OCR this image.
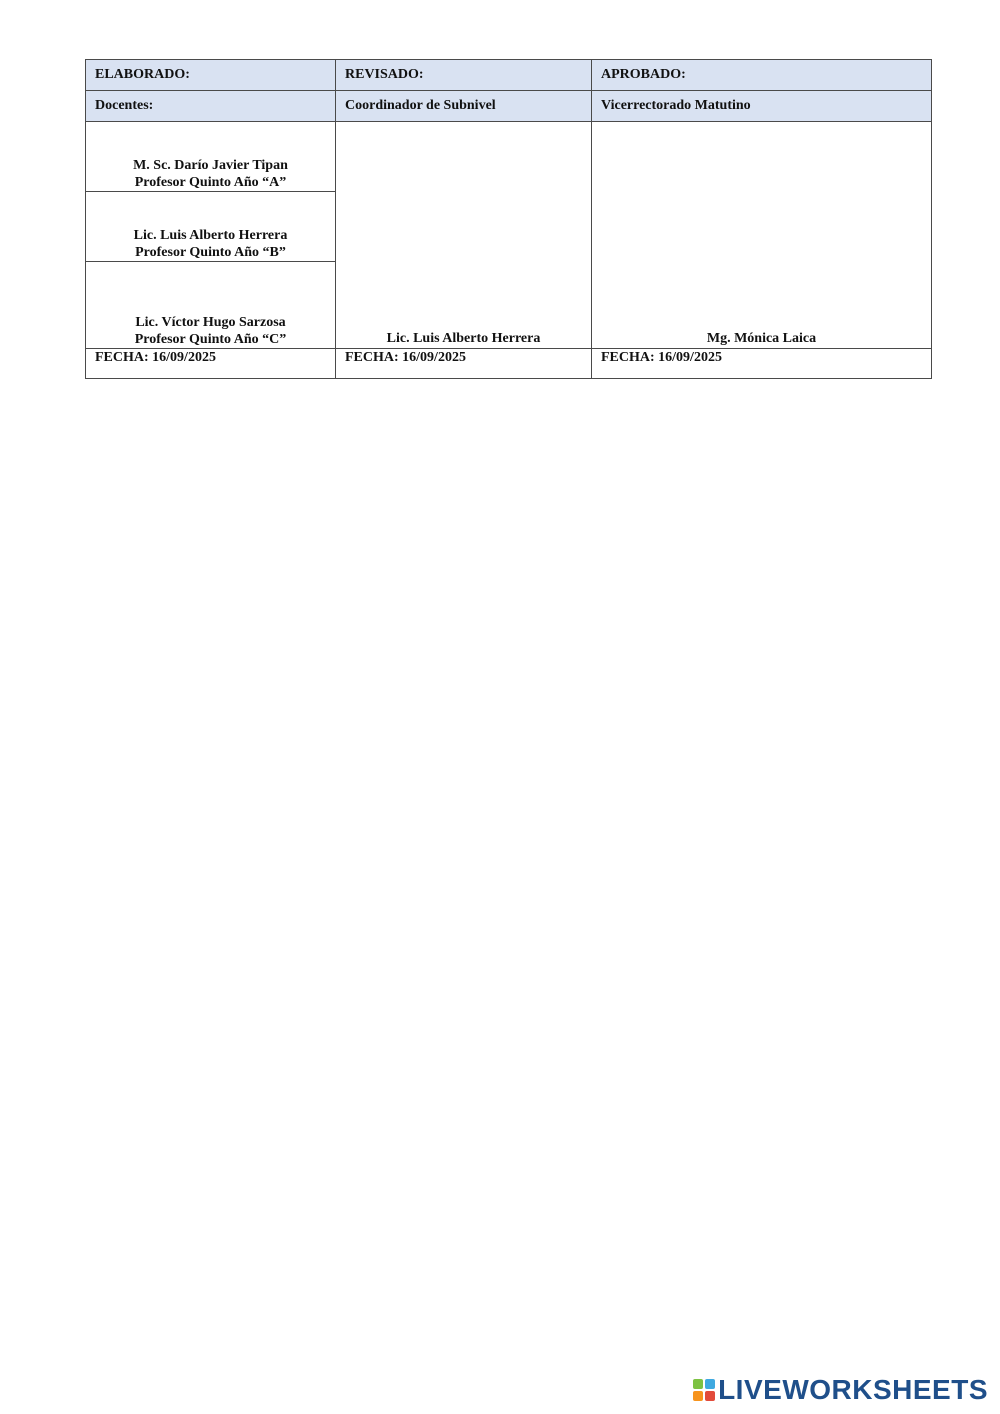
ELABORADO:	REVISADO:	APROBADO:
Docentes:	Coordinador de Subnivel	Vicerrectorado Matutino

M. Sc. Darío Javier Tipan
Profesor Quinto Año “A”	Lic. Luis Alberto Herrera	Mg. Mónica Laica

Lic. Luis Alberto Herrera
Profesor Quinto Año “B”		

Lic. Víctor Hugo Sarzosa
Profesor Quinto Año “C”		

FECHA: 16/09/2025	FECHA: 16/09/2025	FECHA: 16/09/2025
LIVEWORKSHEETS
